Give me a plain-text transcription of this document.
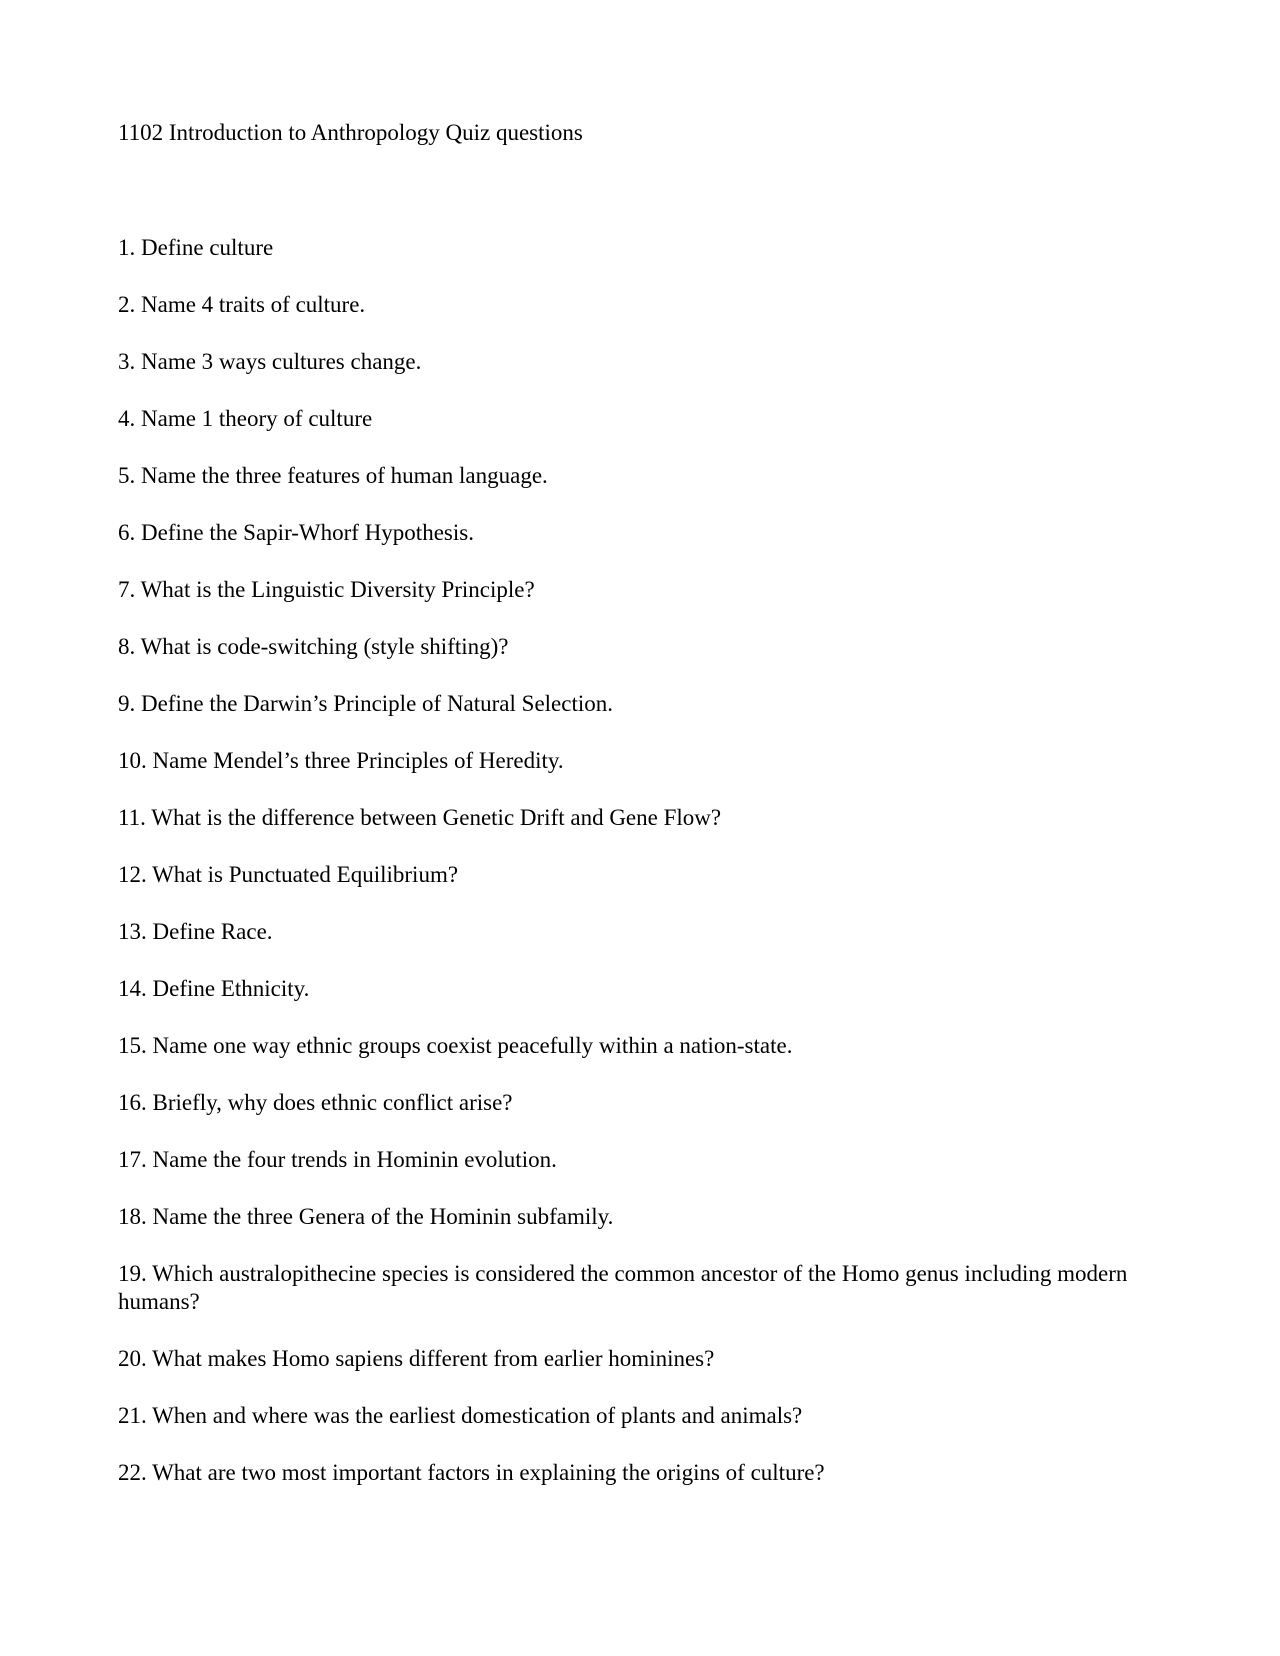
1102 Introduction to Anthropology Quiz questions
1. Define culture
2. Name 4 traits of culture.
3. Name 3 ways cultures change.
4. Name 1 theory of culture
5. Name the three features of human language.
6. Define the Sapir-Whorf Hypothesis.
7. What is the Linguistic Diversity Principle?
8. What is code-switching (style shifting)?
9. Define the Darwin’s Principle of Natural Selection.
10. Name Mendel’s three Principles of Heredity.
11. What is the difference between Genetic Drift and Gene Flow?
12. What is Punctuated Equilibrium?
13. Define Race.
14. Define Ethnicity.
15. Name one way ethnic groups coexist peacefully within a nation-state.
16. Briefly, why does ethnic conflict arise?
17. Name the four trends in Hominin evolution.
18. Name the three Genera of the Hominin subfamily.
19. Which australopithecine species is considered the common ancestor of the Homo genus including modern humans?
20. What makes Homo sapiens different from earlier hominines?
21. When and where was the earliest domestication of plants and animals?
22. What are two most important factors in explaining the origins of culture?
